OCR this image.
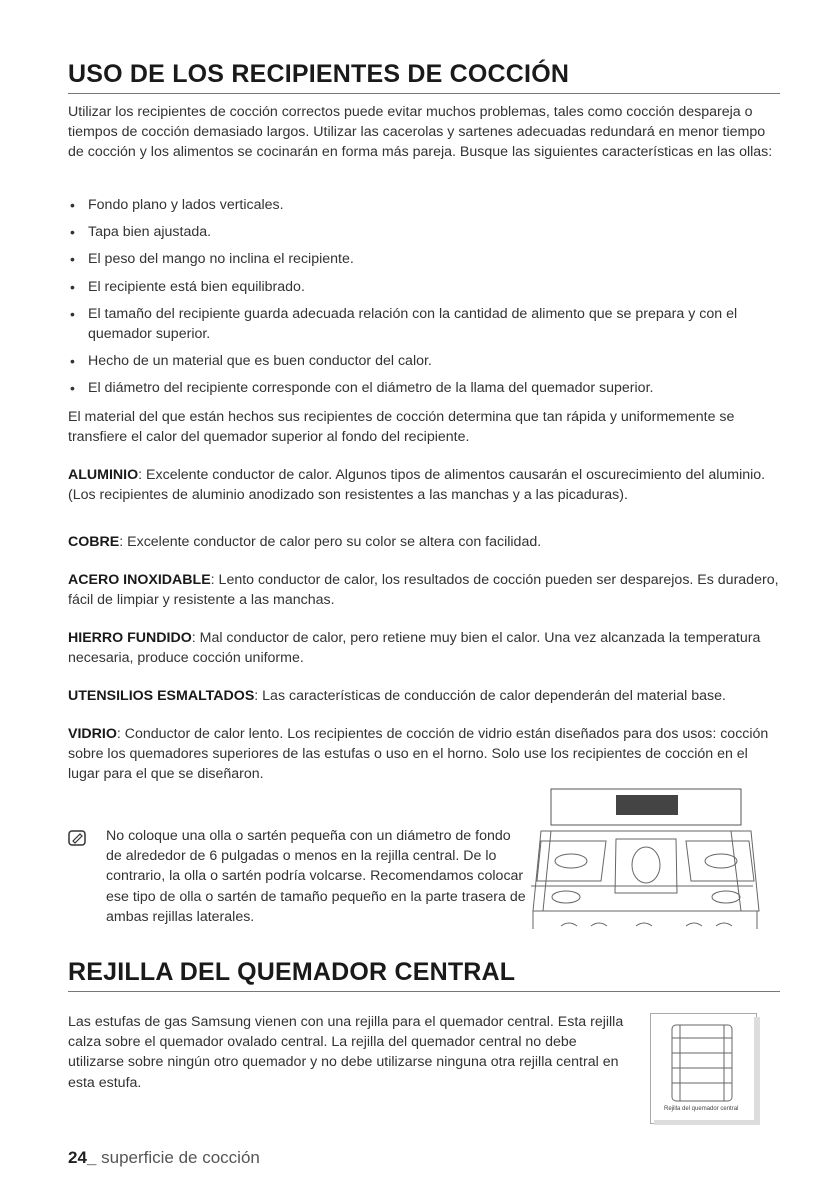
USO DE LOS RECIPIENTES DE COCCIÓN
Utilizar los recipientes de cocción correctos puede evitar muchos problemas, tales como cocción despareja o tiempos de cocción demasiado largos. Utilizar las cacerolas y sartenes adecuadas redundará en menor tiempo de cocción y los alimentos se cocinarán en forma más pareja. Busque las siguientes características en las ollas:
• Fondo plano y lados verticales.
• Tapa bien ajustada.
• El peso del mango no inclina el recipiente.
• El recipiente está bien equilibrado.
• El tamaño del recipiente guarda adecuada relación con la cantidad de alimento que se prepara y con el quemador superior.
• Hecho de un material que es buen conductor del calor.
• El diámetro del recipiente corresponde con el diámetro de la llama del quemador superior.
El material del que están hechos sus recipientes de cocción determina que tan rápida y uniformemente se transfiere el calor del quemador superior al fondo del recipiente.
ALUMINIO: Excelente conductor de calor. Algunos tipos de alimentos causarán el oscurecimiento del aluminio. (Los recipientes de aluminio anodizado son resistentes a las manchas y a las picaduras).
COBRE: Excelente conductor de calor pero su color se altera con facilidad.
ACERO INOXIDABLE: Lento conductor de calor, los resultados de cocción pueden ser desparejos. Es duradero, fácil de limpiar y resistente a las manchas.
HIERRO FUNDIDO: Mal conductor de calor, pero retiene muy bien el calor. Una vez alcanzada la temperatura necesaria, produce cocción uniforme.
UTENSILIOS ESMALTADOS: Las características de conducción de calor dependerán del material base.
VIDRIO: Conductor de calor lento. Los recipientes de cocción de vidrio están diseñados para dos usos: cocción sobre los quemadores superiores de las estufas o uso en el horno. Solo use los recipientes de cocción en el lugar para el que se diseñaron.
No coloque una olla o sartén pequeña con un diámetro de fondo de alrededor de 6 pulgadas o menos en la rejilla central. De lo contrario, la olla o sartén podría volcarse. Recomendamos colocar ese tipo de olla o sartén de tamaño pequeño en la parte trasera de ambas rejillas laterales.
REJILLA DEL QUEMADOR CENTRAL
Las estufas de gas Samsung vienen con una rejilla para el quemador central. Esta rejilla calza sobre el quemador ovalado central. La rejilla del quemador central no debe utilizarse sobre ningún otro quemador y no debe utilizarse ninguna otra rejilla central en esta estufa.
Rejilla del quemador central
24_ superficie de cocción
